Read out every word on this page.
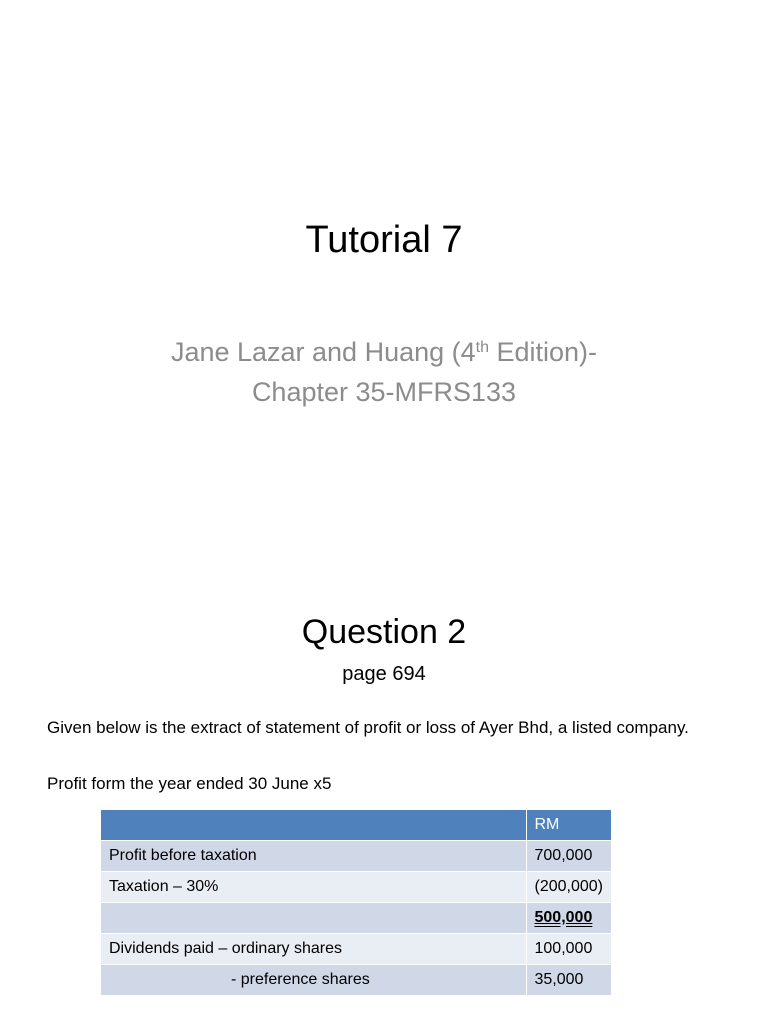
Tutorial 7
Jane Lazar and Huang (4th Edition)-
Chapter 35-MFRS133
Question 2
page 694
Given below is the extract of statement of profit or loss of Ayer Bhd, a listed company.
Profit form the year ended 30 June x5
	RM
Profit before taxation	700,000
Taxation – 30%	(200,000)
	500,000
Dividends paid – ordinary shares	100,000
- preference shares	35,000
